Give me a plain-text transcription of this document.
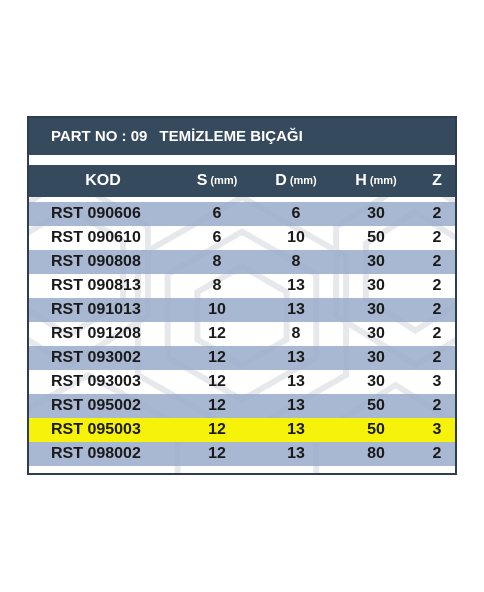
PART NO : 09 TEMİZLEME BIÇAĞI
KOD	S (mm) D (mm) H (mm) Z
RST 090606	6	6	30	2
RST 090610	6	10	50	2
RST 090808	8	8	30	2
RST 090813	8	13	30	2
RST 091013	10	13	30	2
RST 091208	12	8	30	2
RST 093002	12	13	30	2
RST 093003	12	13	30	3
RST 095002	12	13	50	2
RST 095003	12	13	50	3
RST 098002	12	13	80	2
